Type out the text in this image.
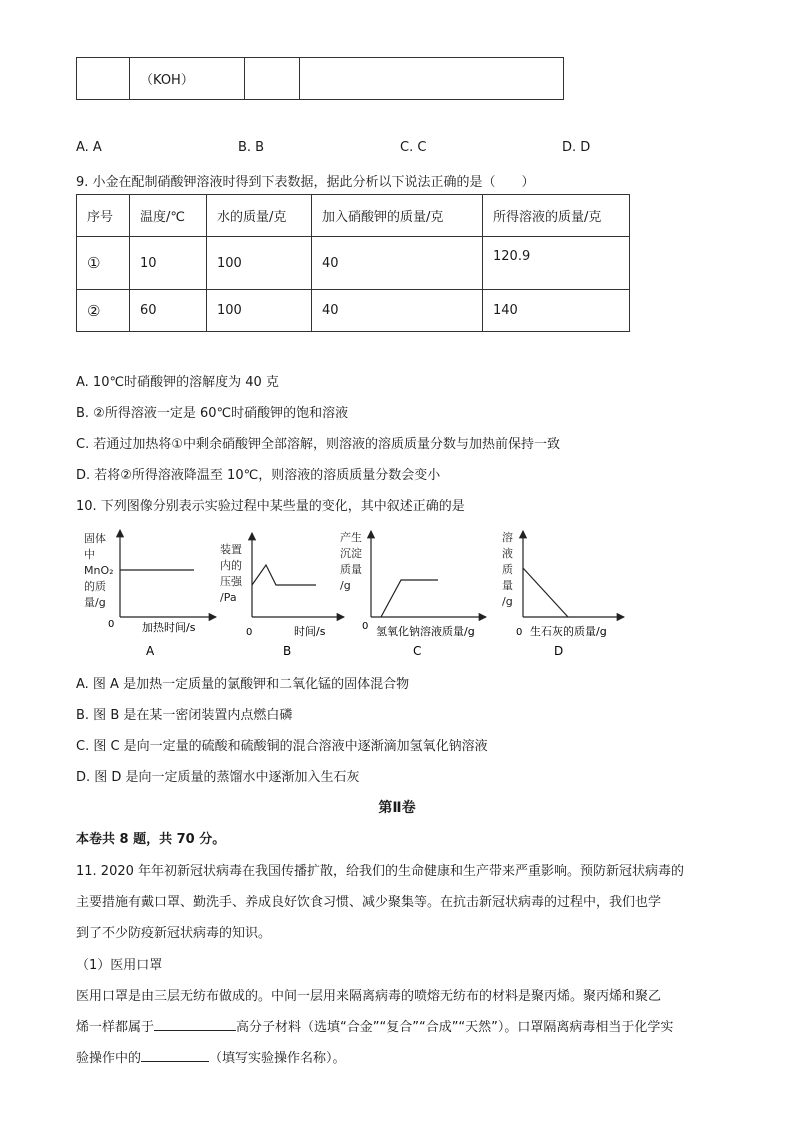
	（KOH）		
A. A	B. B	C. C	D. D
9. 小金在配制硝酸钾溶液时得到下表数据，据此分析以下说法正确的是（　　）
序号	温度/℃	水的质量/克	加入硝酸钾的质量/克	所得溶液的质量/克
①	10	100	40	120.9
②	60	100	40	140
A. 10℃时硝酸钾的溶解度为 40 克
B. ②所得溶液一定是 60℃时硝酸钾的饱和溶液
C. 若通过加热将①中剩余硝酸钾全部溶解，则溶液的溶质质量分数与加热前保持一致
D. 若将②所得溶液降温至 10℃，则溶液的溶质质量分数会变小
10. 下列图像分别表示实验过程中某些量的变化，其中叙述正确的是
固体 中 MnO₂ 的质 量/g
0	加热时间/s
A
装置 内的 压强 /Pa
0	时间/s
B
产生 沉淀 质量 /g
0 氢氧化钠溶液质量/g
C
溶 液 质 量 /g
0 生石灰的质量/g
D
A. 图 A 是加热一定质量的氯酸钾和二氧化锰的固体混合物
B. 图 B 是在某一密闭装置内点燃白磷
C. 图 C 是向一定量的硫酸和硫酸铜的混合溶液中逐渐滴加氢氧化钠溶液
D. 图 D 是向一定质量的蒸馏水中逐渐加入生石灰
第Ⅱ卷
本卷共 8 题，共 70 分。
11. 2020 年年初新冠状病毒在我国传播扩散，给我们的生命健康和生产带来严重影响。预防新冠状病毒的
主要措施有戴口罩、勤洗手、养成良好饮食习惯、减少聚集等。在抗击新冠状病毒的过程中，我们也学
到了不少防疫新冠状病毒的知识。
（1）医用口罩
医用口罩是由三层无纺布做成的。中间一层用来隔离病毒的喷熔无纺布的材料是聚丙烯。聚丙烯和聚乙
烯一样都属于	高分子材料（选填“合金”“复合”“合成”“天然”）。口罩隔离病毒相当于化学实
验操作中的	（填写实验操作名称）。
